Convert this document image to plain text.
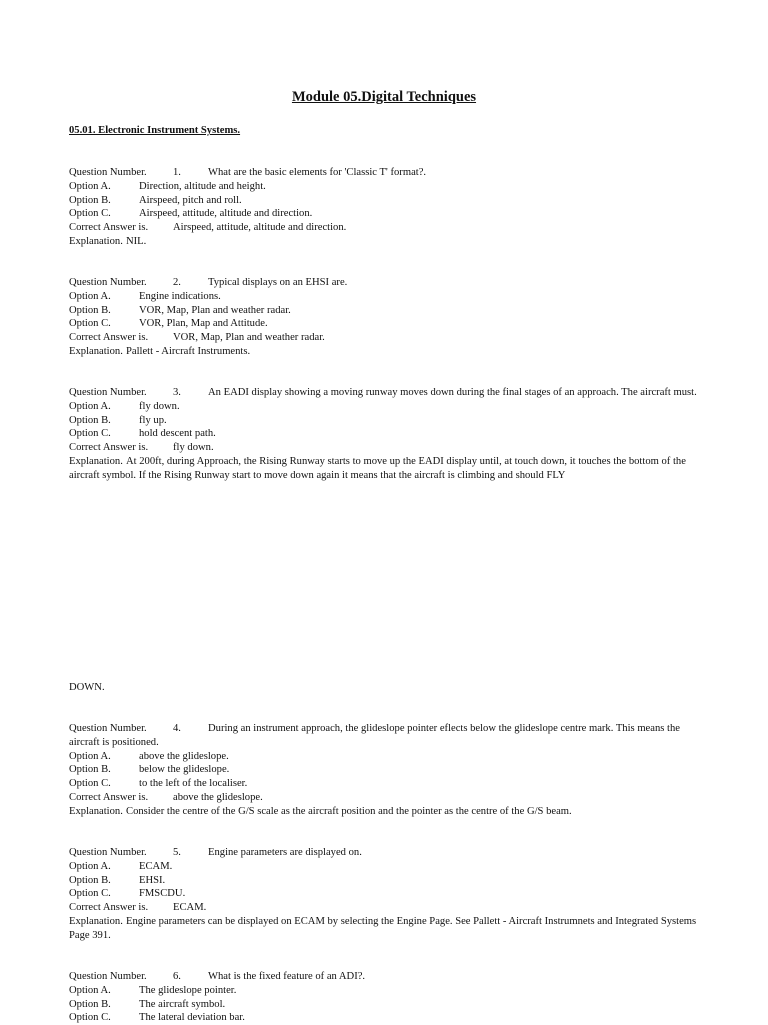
Module 05.Digital Techniques
05.01. Electronic Instrument Systems.
Question Number. 1.	What are the basic elements for 'Classic T' format?.
Option A.	Direction, altitude and height.
Option B.	Airspeed, pitch and roll.
Option C.	Airspeed, attitude, altitude and direction.
Correct Answer is. Airspeed, attitude, altitude and direction.
Explanation. NIL.
Question Number. 2.	Typical displays on an EHSI are.
Option A.	Engine indications.
Option B.	VOR, Map, Plan and weather radar.
Option C.	VOR, Plan, Map and Attitude.
Correct Answer is. VOR, Map, Plan and weather radar.
Explanation. Pallett - Aircraft Instruments.
Question Number. 3.	An EADI display showing a moving runway moves down during the final stages of an approach. The aircraft must.
Option A.	fly down.
Option B.	fly up.
Option C.	hold descent path.
Correct Answer is. fly down.
Explanation. At 200ft, during Approach, the Rising Runway starts to move up the EADI display until, at touch down, it touches the bottom of the aircraft symbol. If the Rising Runway start to move down again it means that the aircraft is climbing and should FLY
DOWN.
Question Number. 4.	During an instrument approach, the glideslope pointer eflects below the glideslope centre mark. This means the aircraft is positioned.
Option A.	above the glideslope.
Option B.	below the glideslope.
Option C.	to the left of the localiser.
Correct Answer is. above the glideslope.
Explanation. Consider the centre of the G/S scale as the aircraft position and the pointer as the centre of the G/S beam.
Question Number. 5.	Engine parameters are displayed on.
Option A.	ECAM.
Option B.	EHSI.
Option C.	FMSCDU.
Correct Answer is. ECAM.
Explanation. Engine parameters can be displayed on ECAM by selecting the Engine Page. See Pallett - Aircraft Instrumnets and Integrated Systems Page 391.
Question Number. 6.	What is the fixed feature of an ADI?.
Option A.	The glideslope pointer.
Option B.	The aircraft symbol.
Option C.	The lateral deviation bar.
